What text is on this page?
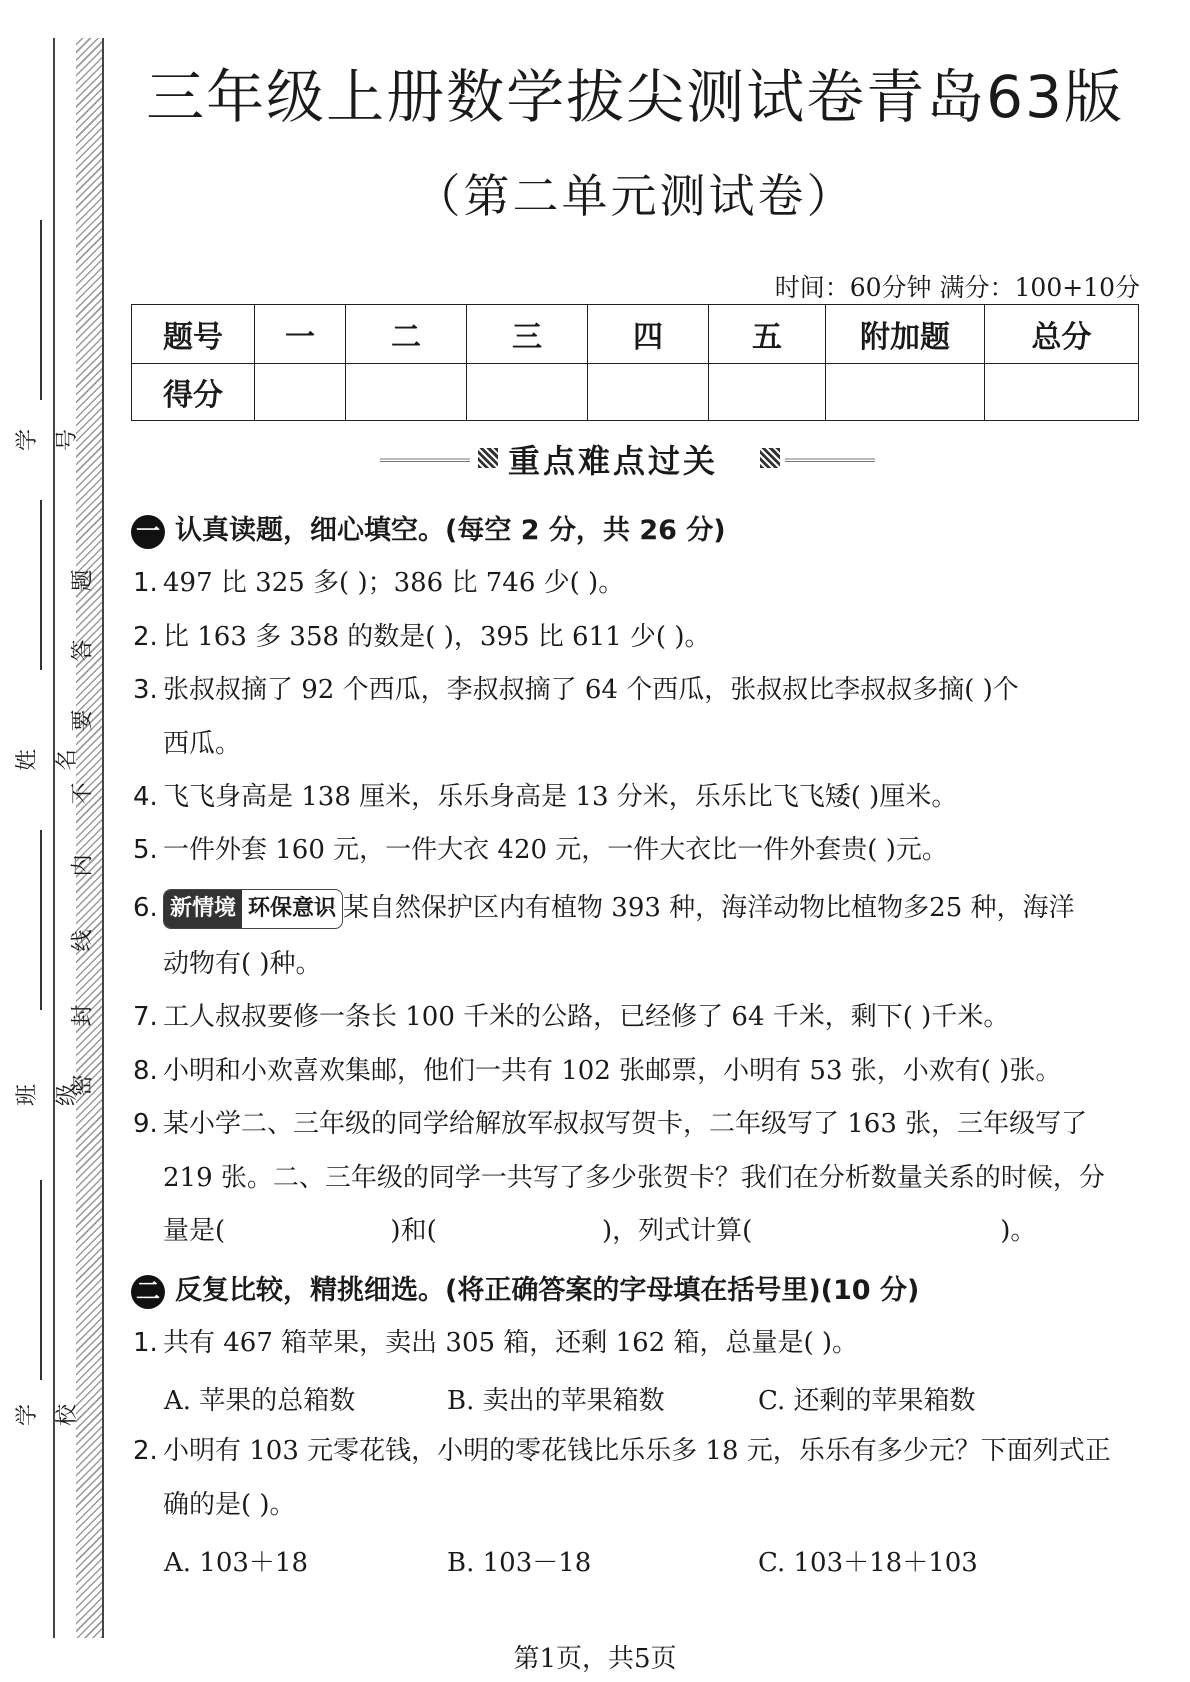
学号
姓名
班级
学校
题
答
要
不
内
线
封
密
三年级上册数学拔尖测试卷青岛63版
（第二单元测试卷）
时间：60分钟 满分：100+10分
题号	一	二	三	四	五	附加题	总分
得分							
重点难点过关
一 认真读题，细心填空。(每空 2 分，共 26 分)
1. 497 比 325 多( )；386 比 746 少( )。
2. 比 163 多 358 的数是( )，395 比 611 少( )。
3. 张叔叔摘了 92 个西瓜，李叔叔摘了 64 个西瓜，张叔叔比李叔叔多摘( )个
西瓜。
4. 飞飞身高是 138 厘米，乐乐身高是 13 分米，乐乐比飞飞矮( )厘米。
5. 一件外套 160 元，一件大衣 420 元，一件大衣比一件外套贵( )元。
6. 新情境 环保意识 某自然保护区内有植物 393 种，海洋动物比植物多25 种，海洋
动物有( )种。
7. 工人叔叔要修一条长 100 千米的公路，已经修了 64 千米，剩下( )千米。
8. 小明和小欢喜欢集邮，他们一共有 102 张邮票，小明有 53 张，小欢有( )张。
9. 某小学二、三年级的同学给解放军叔叔写贺卡，二年级写了 163 张，三年级写了
219 张。二、三年级的同学一共写了多少张贺卡？我们在分析数量关系的时候，分
量是(                    )和(                    )，列式计算(                              )。
二 反复比较，精挑细选。(将正确答案的字母填在括号里)(10 分)
1. 共有 467 箱苹果，卖出 305 箱，还剩 162 箱，总量是( )。
A. 苹果的总箱数	B. 卖出的苹果箱数	C. 还剩的苹果箱数
2. 小明有 103 元零花钱，小明的零花钱比乐乐多 18 元，乐乐有多少元？下面列式正
确的是( )。
A. 103＋18	B. 103－18	C. 103＋18＋103
第1页，共5页
